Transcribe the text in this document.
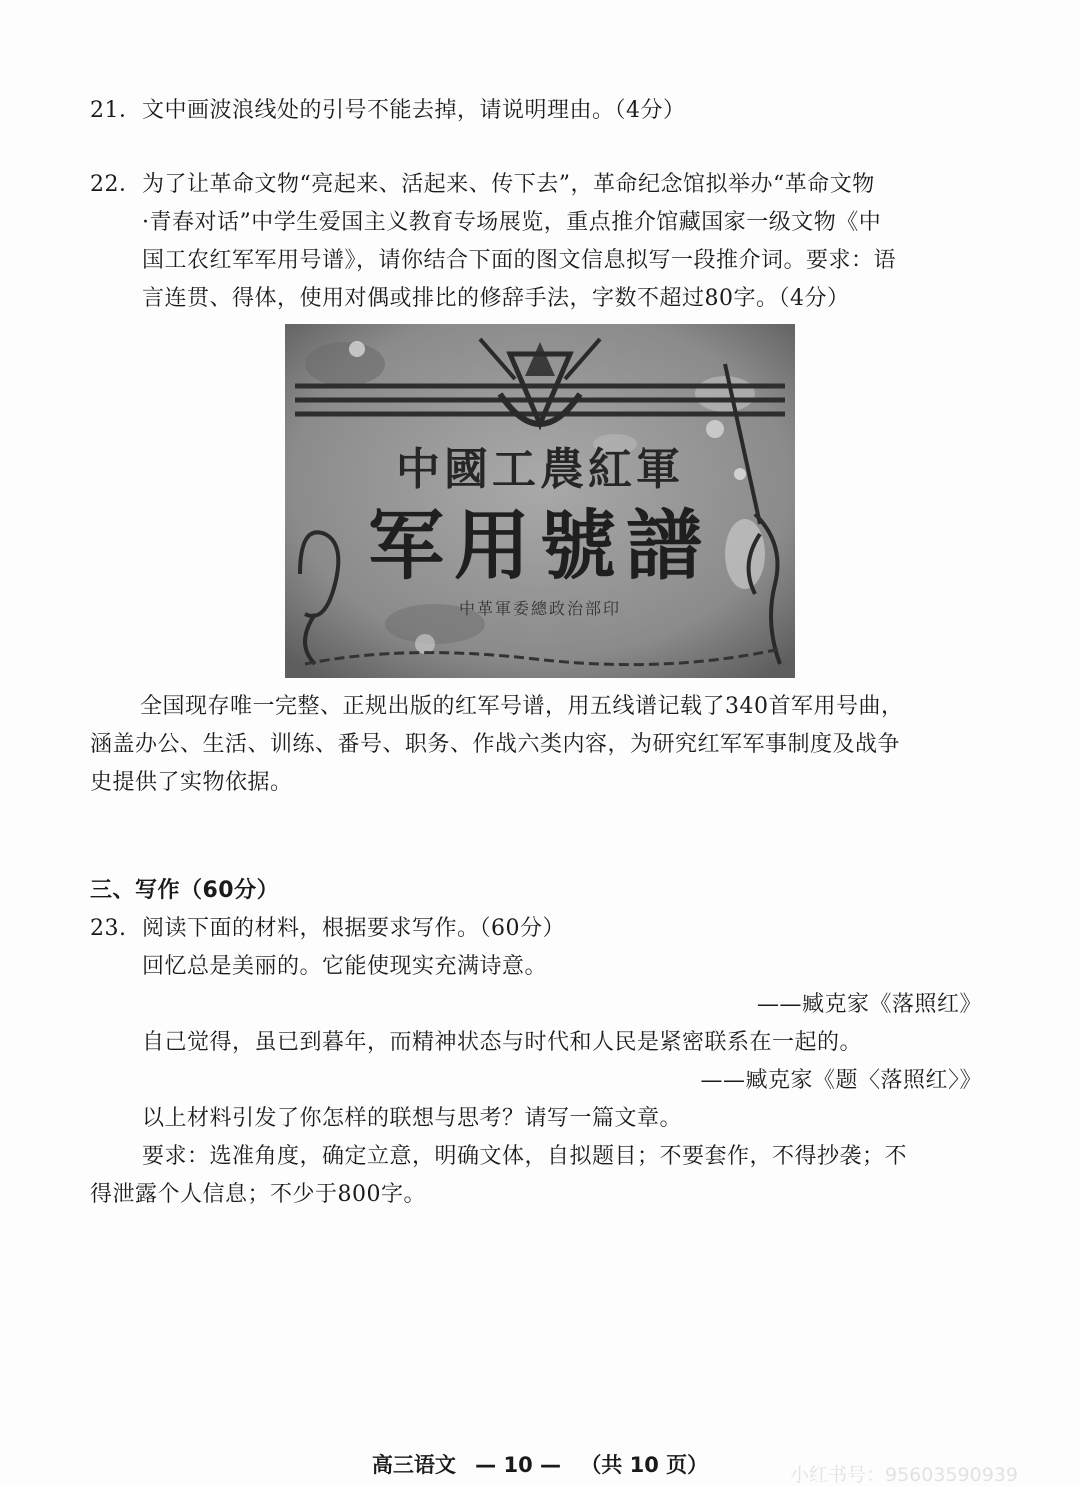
21．文中画波浪线处的引号不能去掉，请说明理由。（4分）
22．为了让革命文物“亮起来、活起来、传下去”，革命纪念馆拟举办“革命文物
·青春对话”中学生爱国主义教育专场展览，重点推介馆藏国家一级文物《中
国工农红军军用号谱》，请你结合下面的图文信息拟写一段推介词。要求：语
言连贯、得体，使用对偶或排比的修辞手法，字数不超过80字。（4分）
中國工農紅軍
军用號譜
中革軍委總政治部印
全国现存唯一完整、正规出版的红军号谱，用五线谱记载了340首军用号曲，
涵盖办公、生活、训练、番号、职务、作战六类内容，为研究红军军事制度及战争
史提供了实物依据。
三、写作（60分）
23. 阅读下面的材料，根据要求写作。（60分）
回忆总是美丽的。它能使现实充满诗意。
——臧克家《落照红》
自己觉得，虽已到暮年，而精神状态与时代和人民是紧密联系在一起的。
——臧克家《题〈落照红〉》
以上材料引发了你怎样的联想与思考？请写一篇文章。
要求：选准角度，确定立意，明确文体，自拟题目；不要套作，不得抄袭；不
得泄露个人信息；不少于800字。
高三语文 — 10 — （共 10 页）	小红书号：95603590939
